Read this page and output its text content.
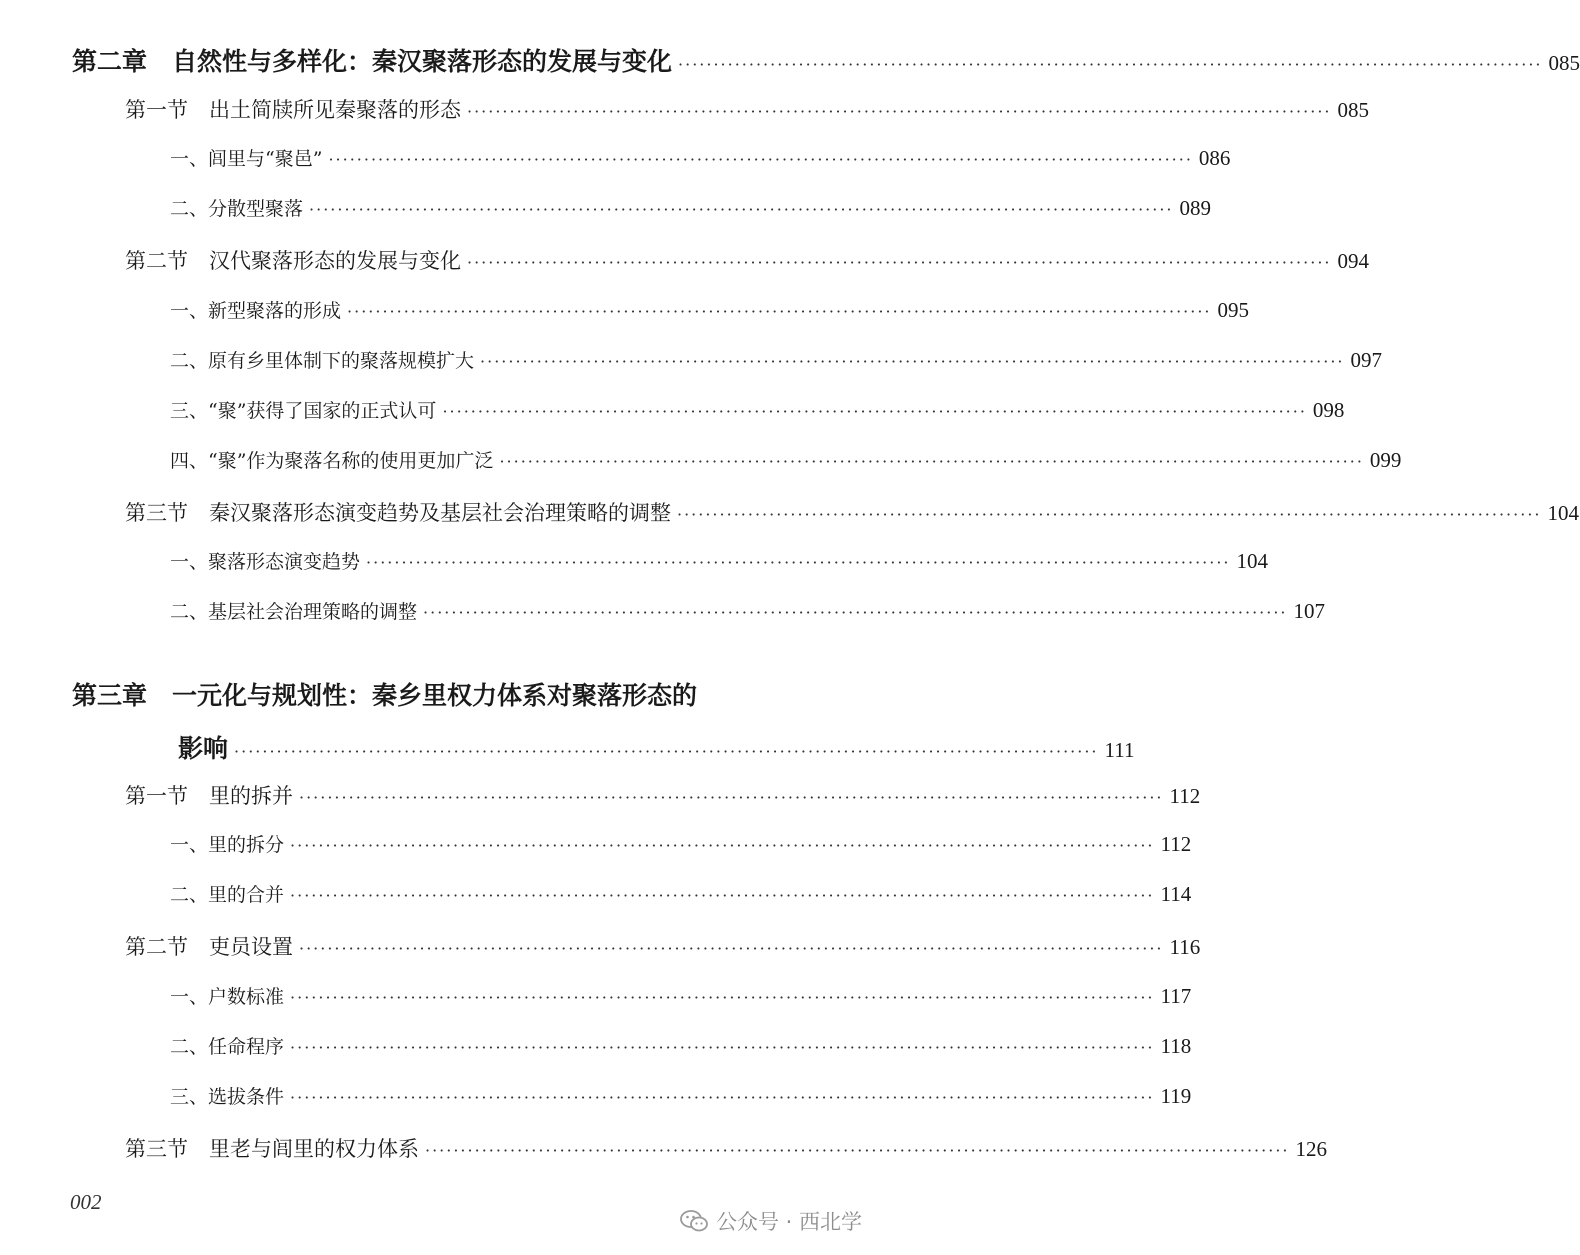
第二章　自然性与多样化：秦汉聚落形态的发展与变化 ·························································································································· 085
第一节　出土简牍所见秦聚落的形态 ·························································································································· 085
一、闾里与“聚邑” ·························································································································· 086
二、分散型聚落 ·························································································································· 089
第二节　汉代聚落形态的发展与变化 ·························································································································· 094
一、新型聚落的形成 ·························································································································· 095
二、原有乡里体制下的聚落规模扩大 ·························································································································· 097
三、“聚”获得了国家的正式认可 ·························································································································· 098
四、“聚”作为聚落名称的使用更加广泛 ·························································································································· 099
第三节　秦汉聚落形态演变趋势及基层社会治理策略的调整 ·························································································································· 104
一、聚落形态演变趋势 ·························································································································· 104
二、基层社会治理策略的调整 ·························································································································· 107
第三章　一元化与规划性：秦乡里权力体系对聚落形态的
影响 ·························································································································· 111
第一节　里的拆并 ·························································································································· 112
一、里的拆分 ·························································································································· 112
二、里的合并 ·························································································································· 114
第二节　吏员设置 ·························································································································· 116
一、户数标准 ·························································································································· 117
二、任命程序 ·························································································································· 118
三、选拔条件 ·························································································································· 119
第三节　里老与闾里的权力体系 ·························································································································· 126
002
公众号 · 西北学
